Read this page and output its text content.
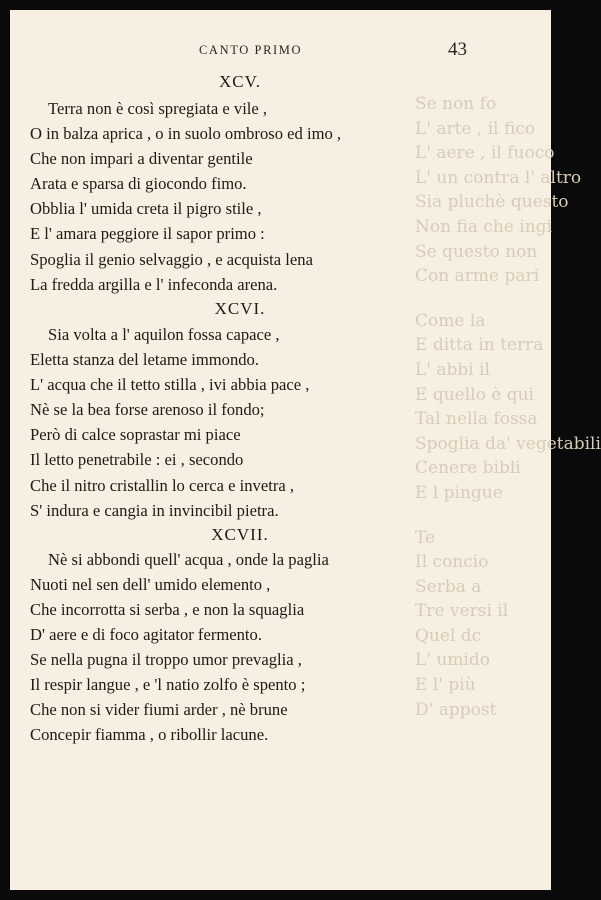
Se non fo
L' arte , il fico
L' aere , il fuoco
L' un contra l' altro
Sia pluchè questo
Non fia che ingi
Se questo non
Con arme pari
Come la
E ditta in terra
L' abbi il
E quello è qui
Tal nella fossa
Spoglia da' vegetabili
Cenere bibli
E l pingue
Te
Il concio
Serba a
Tre versi il
Quel dc
L' umido
E l' più
D' appost
CANTO PRIMO	43
XCV.
Terra non è così spregiata e vile ,
O in balza aprica , o in suolo ombroso ed imo ,
Che non impari a diventar gentile
Arata e sparsa di giocondo fimo.
Obblia l' umida creta il pigro stile ,
E l' amara peggiore il sapor primo :
Spoglia il genio selvaggio , e acquista lena
La fredda argilla e l' infeconda arena.
XCVI.
Sia volta a l' aquilon fossa capace ,
Eletta stanza del letame immondo.
L' acqua che il tetto stilla , ivi abbia pace ,
Nè se la bea forse arenoso il fondo;
Però di calce soprastar mi piace
Il letto penetrabile : ei , secondo
Che il nitro cristallin lo cerca e invetra ,
S' indura e cangia in invincibil pietra.
XCVII.
Nè si abbondi quell' acqua , onde la paglia
Nuoti nel sen dell' umido elemento ,
Che incorrotta si serba , e non la squaglia
D' aere e di foco agitator fermento.
Se nella pugna il troppo umor prevaglia ,
Il respir langue , e 'l natio zolfo è spento ;
Che non si vider fiumi arder , nè brune
Concepir fiamma , o ribollir lacune.
